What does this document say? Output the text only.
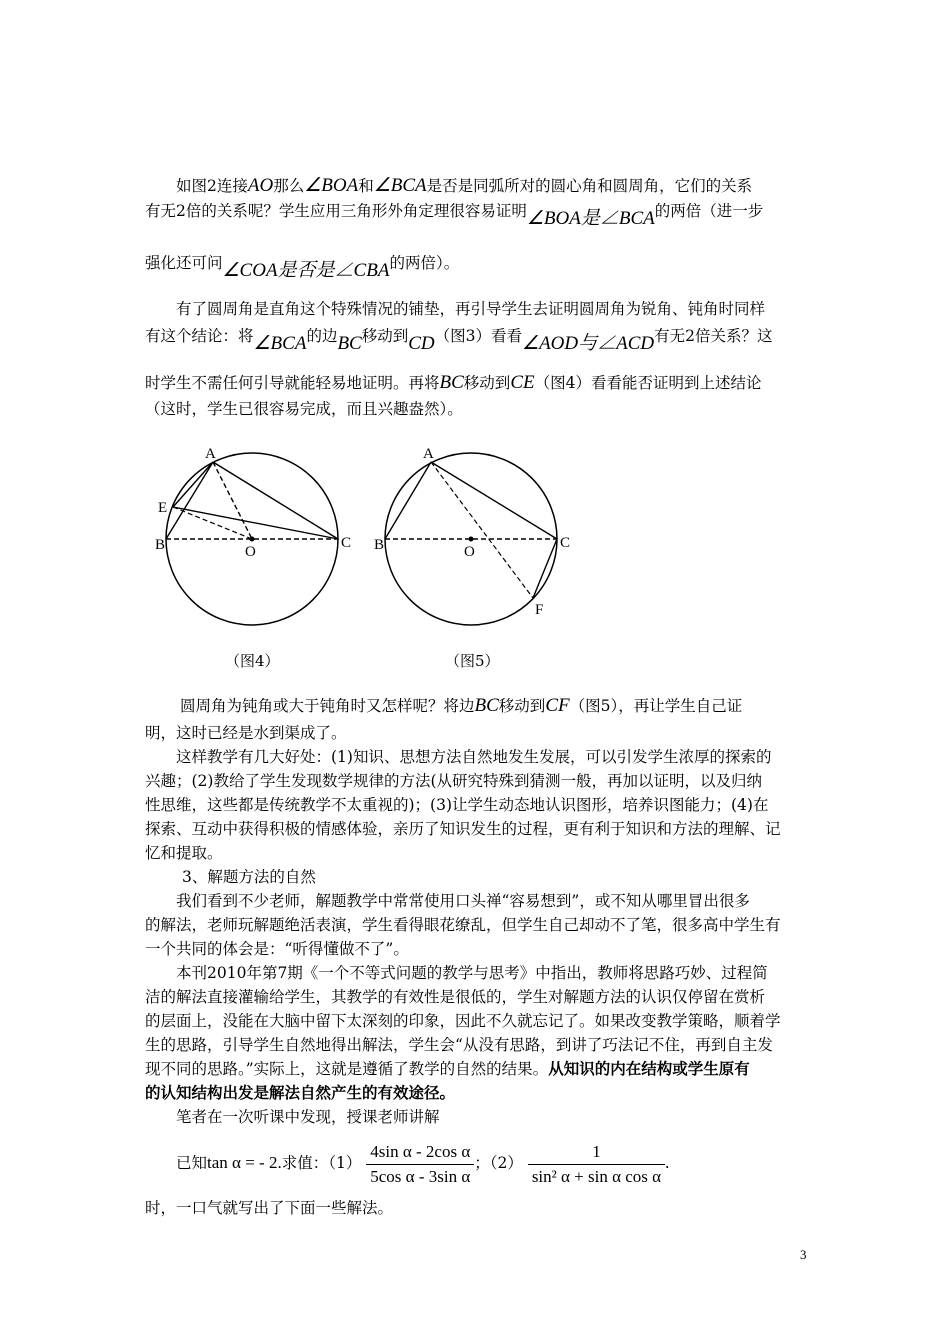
如图2连接AO那么∠BOA和∠BCA是否是同弧所对的圆心角和圆周角，它们的关系
有无2倍的关系呢？学生应用三角形外角定理很容易证明∠BOA是∠BCA的两倍（进一步
强化还可问∠COA是否是∠CBA的两倍）。
有了圆周角是直角这个特殊情况的铺垫，再引导学生去证明圆周角为锐角、钝角时同样
有这个结论：将∠BCA的边BC移动到CD（图3）看看∠AOD与∠ACD有无2倍关系？这
时学生不需任何引导就能轻易地证明。再将BC移动到CE（图4）看看能否证明到上述结论
（这时，学生已很容易完成，而且兴趣盎然）。
A
E
B	O
C
A
B	O
C
F
（图4）	（图5）
圆周角为钝角或大于钝角时又怎样呢？将边BC移动到CF（图5），再让学生自己证
明，这时已经是水到渠成了。
这样教学有几大好处：(1)知识、思想方法自然地发生发展，可以引发学生浓厚的探索的
兴趣；(2)教给了学生发现数学规律的方法(从研究特殊到猜测一般，再加以证明，以及归纳
性思维，这些都是传统教学不太重视的)；(3)让学生动态地认识图形，培养识图能力；(4)在
探索、互动中获得积极的情感体验，亲历了知识发生的过程，更有利于知识和方法的理解、记
忆和提取。
3、解题方法的自然
我们看到不少老师，解题教学中常常使用口头禅“容易想到”，或不知从哪里冒出很多
的解法，老师玩解题绝活表演，学生看得眼花缭乱，但学生自己却动不了笔，很多高中学生有
一个共同的体会是：“听得懂做不了”。
本刊2010年第7期《一个不等式问题的教学与思考》中指出，教师将思路巧妙、过程简
洁的解法直接灌输给学生，其教学的有效性是很低的，学生对解题方法的认识仅停留在赏析
的层面上，没能在大脑中留下太深刻的印象，因此不久就忘记了。如果改变教学策略，顺着学
生的思路，引导学生自然地得出解法，学生会“从没有思路，到讲了巧法记不住，再到自主发
现不同的思路。”实际上，这就是遵循了教学的自然的结果。从知识的内在结构或学生原有
的认知结构出发是解法自然产生的有效途径。
笔者在一次听课中发现，授课老师讲解
已知tan α = - 2.求值：$(1) \frac{\text{4sin α - 2cos α}}{\text{5cos α - 3sin α}}$ ；$(2) \frac{1}{\text{sin² α + sin α cos α}}$ .
时，一口气就写出了下面一些解法。
3
